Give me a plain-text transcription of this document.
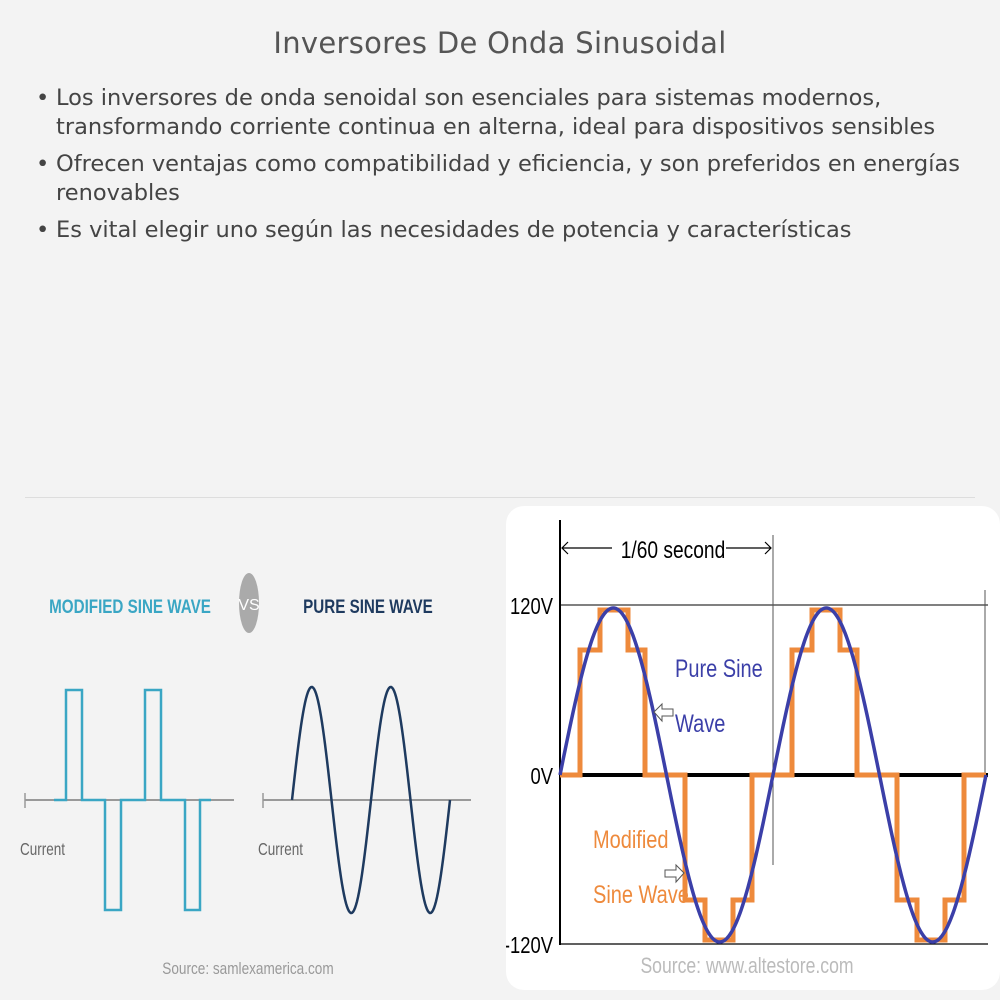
Inversores De Onda Sinusoidal
• Los inversores de onda senoidal son esenciales para sistemas modernos, transformando corriente continua en alterna, ideal para dispositivos sensibles
• Ofrecen ventajas como compatibilidad y eficiencia, y son preferidos en energías renovables
• Es vital elegir uno según las necesidades de potencia y características
MODIFIED SINE WAVE VS PURE SINE WAVE
Current	Current
Source: samlexamerica.com
1/60 second
120V
0V
-120V
Pure Sine
Wave
Modified
Sine Wave
Source: www.altestore.com
